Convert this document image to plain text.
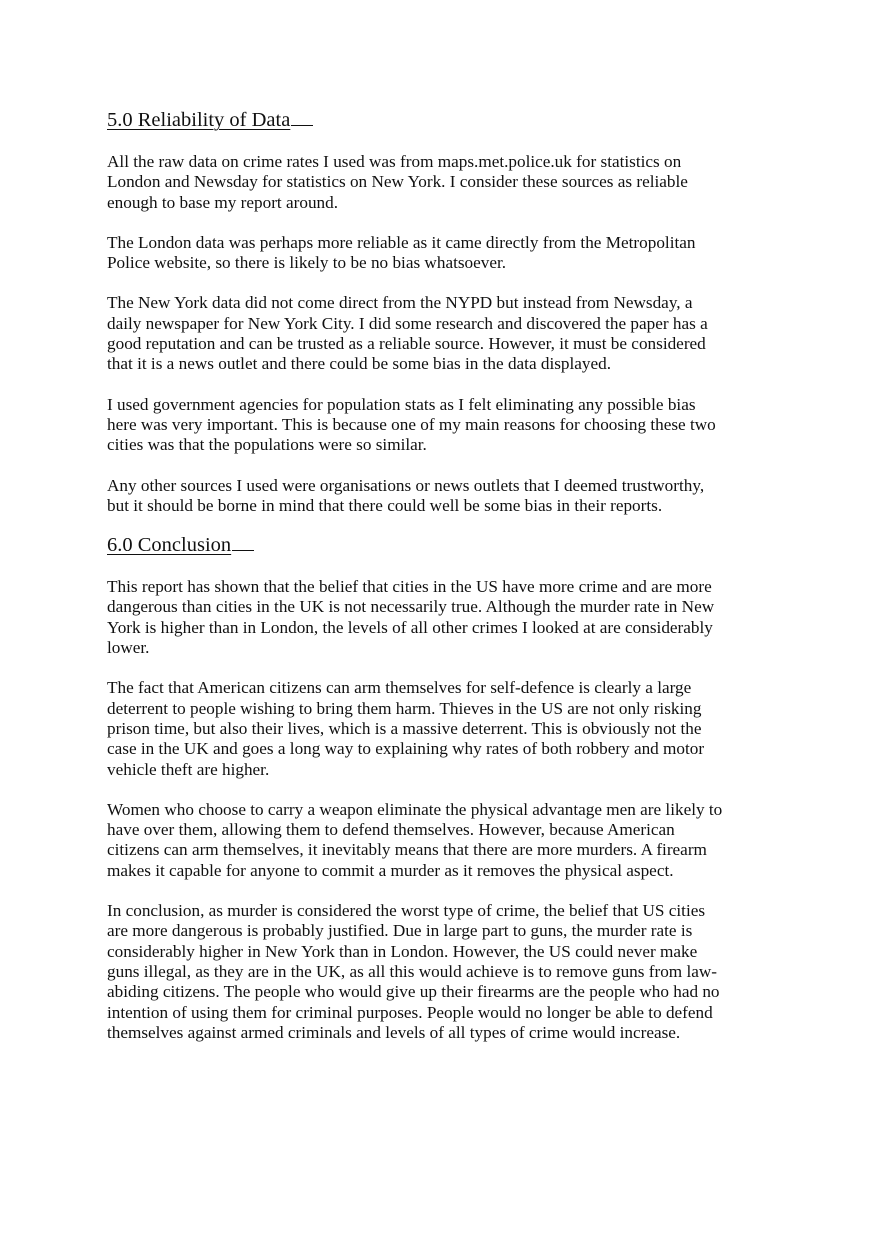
5.0 Reliability of Data

All the raw data on crime rates I used was from maps.met.police.uk for statistics on London and Newsday for statistics on New York. I consider these sources as reliable enough to base my report around.

The London data was perhaps more reliable as it came directly from the Metropolitan Police website, so there is likely to be no bias whatsoever.

The New York data did not come direct from the NYPD but instead from Newsday, a daily newspaper for New York City. I did some research and discovered the paper has a good reputation and can be trusted as a reliable source. However, it must be considered that it is a news outlet and there could be some bias in the data displayed.

I used government agencies for population stats as I felt eliminating any possible bias here was very important. This is because one of my main reasons for choosing these two cities was that the populations were so similar.

Any other sources I used were organisations or news outlets that I deemed trustworthy, but it should be borne in mind that there could well be some bias in their reports.

6.0 Conclusion

This report has shown that the belief that cities in the US have more crime and are more dangerous than cities in the UK is not necessarily true. Although the murder rate in New York is higher than in London, the levels of all other crimes I looked at are considerably lower.

The fact that American citizens can arm themselves for self-defence is clearly a large deterrent to people wishing to bring them harm. Thieves in the US are not only risking prison time, but also their lives, which is a massive deterrent. This is obviously not the case in the UK and goes a long way to explaining why rates of both robbery and motor vehicle theft are higher.

Women who choose to carry a weapon eliminate the physical advantage men are likely to have over them, allowing them to defend themselves. However, because American citizens can arm themselves, it inevitably means that there are more murders. A firearm makes it capable for anyone to commit a murder as it removes the physical aspect.

In conclusion, as murder is considered the worst type of crime, the belief that US cities are more dangerous is probably justified. Due in large part to guns, the murder rate is considerably higher in New York than in London. However, the US could never make guns illegal, as they are in the UK, as all this would achieve is to remove guns from law-abiding citizens. The people who would give up their firearms are the people who had no intention of using them for criminal purposes. People would no longer be able to defend themselves against armed criminals and levels of all types of crime would increase.
